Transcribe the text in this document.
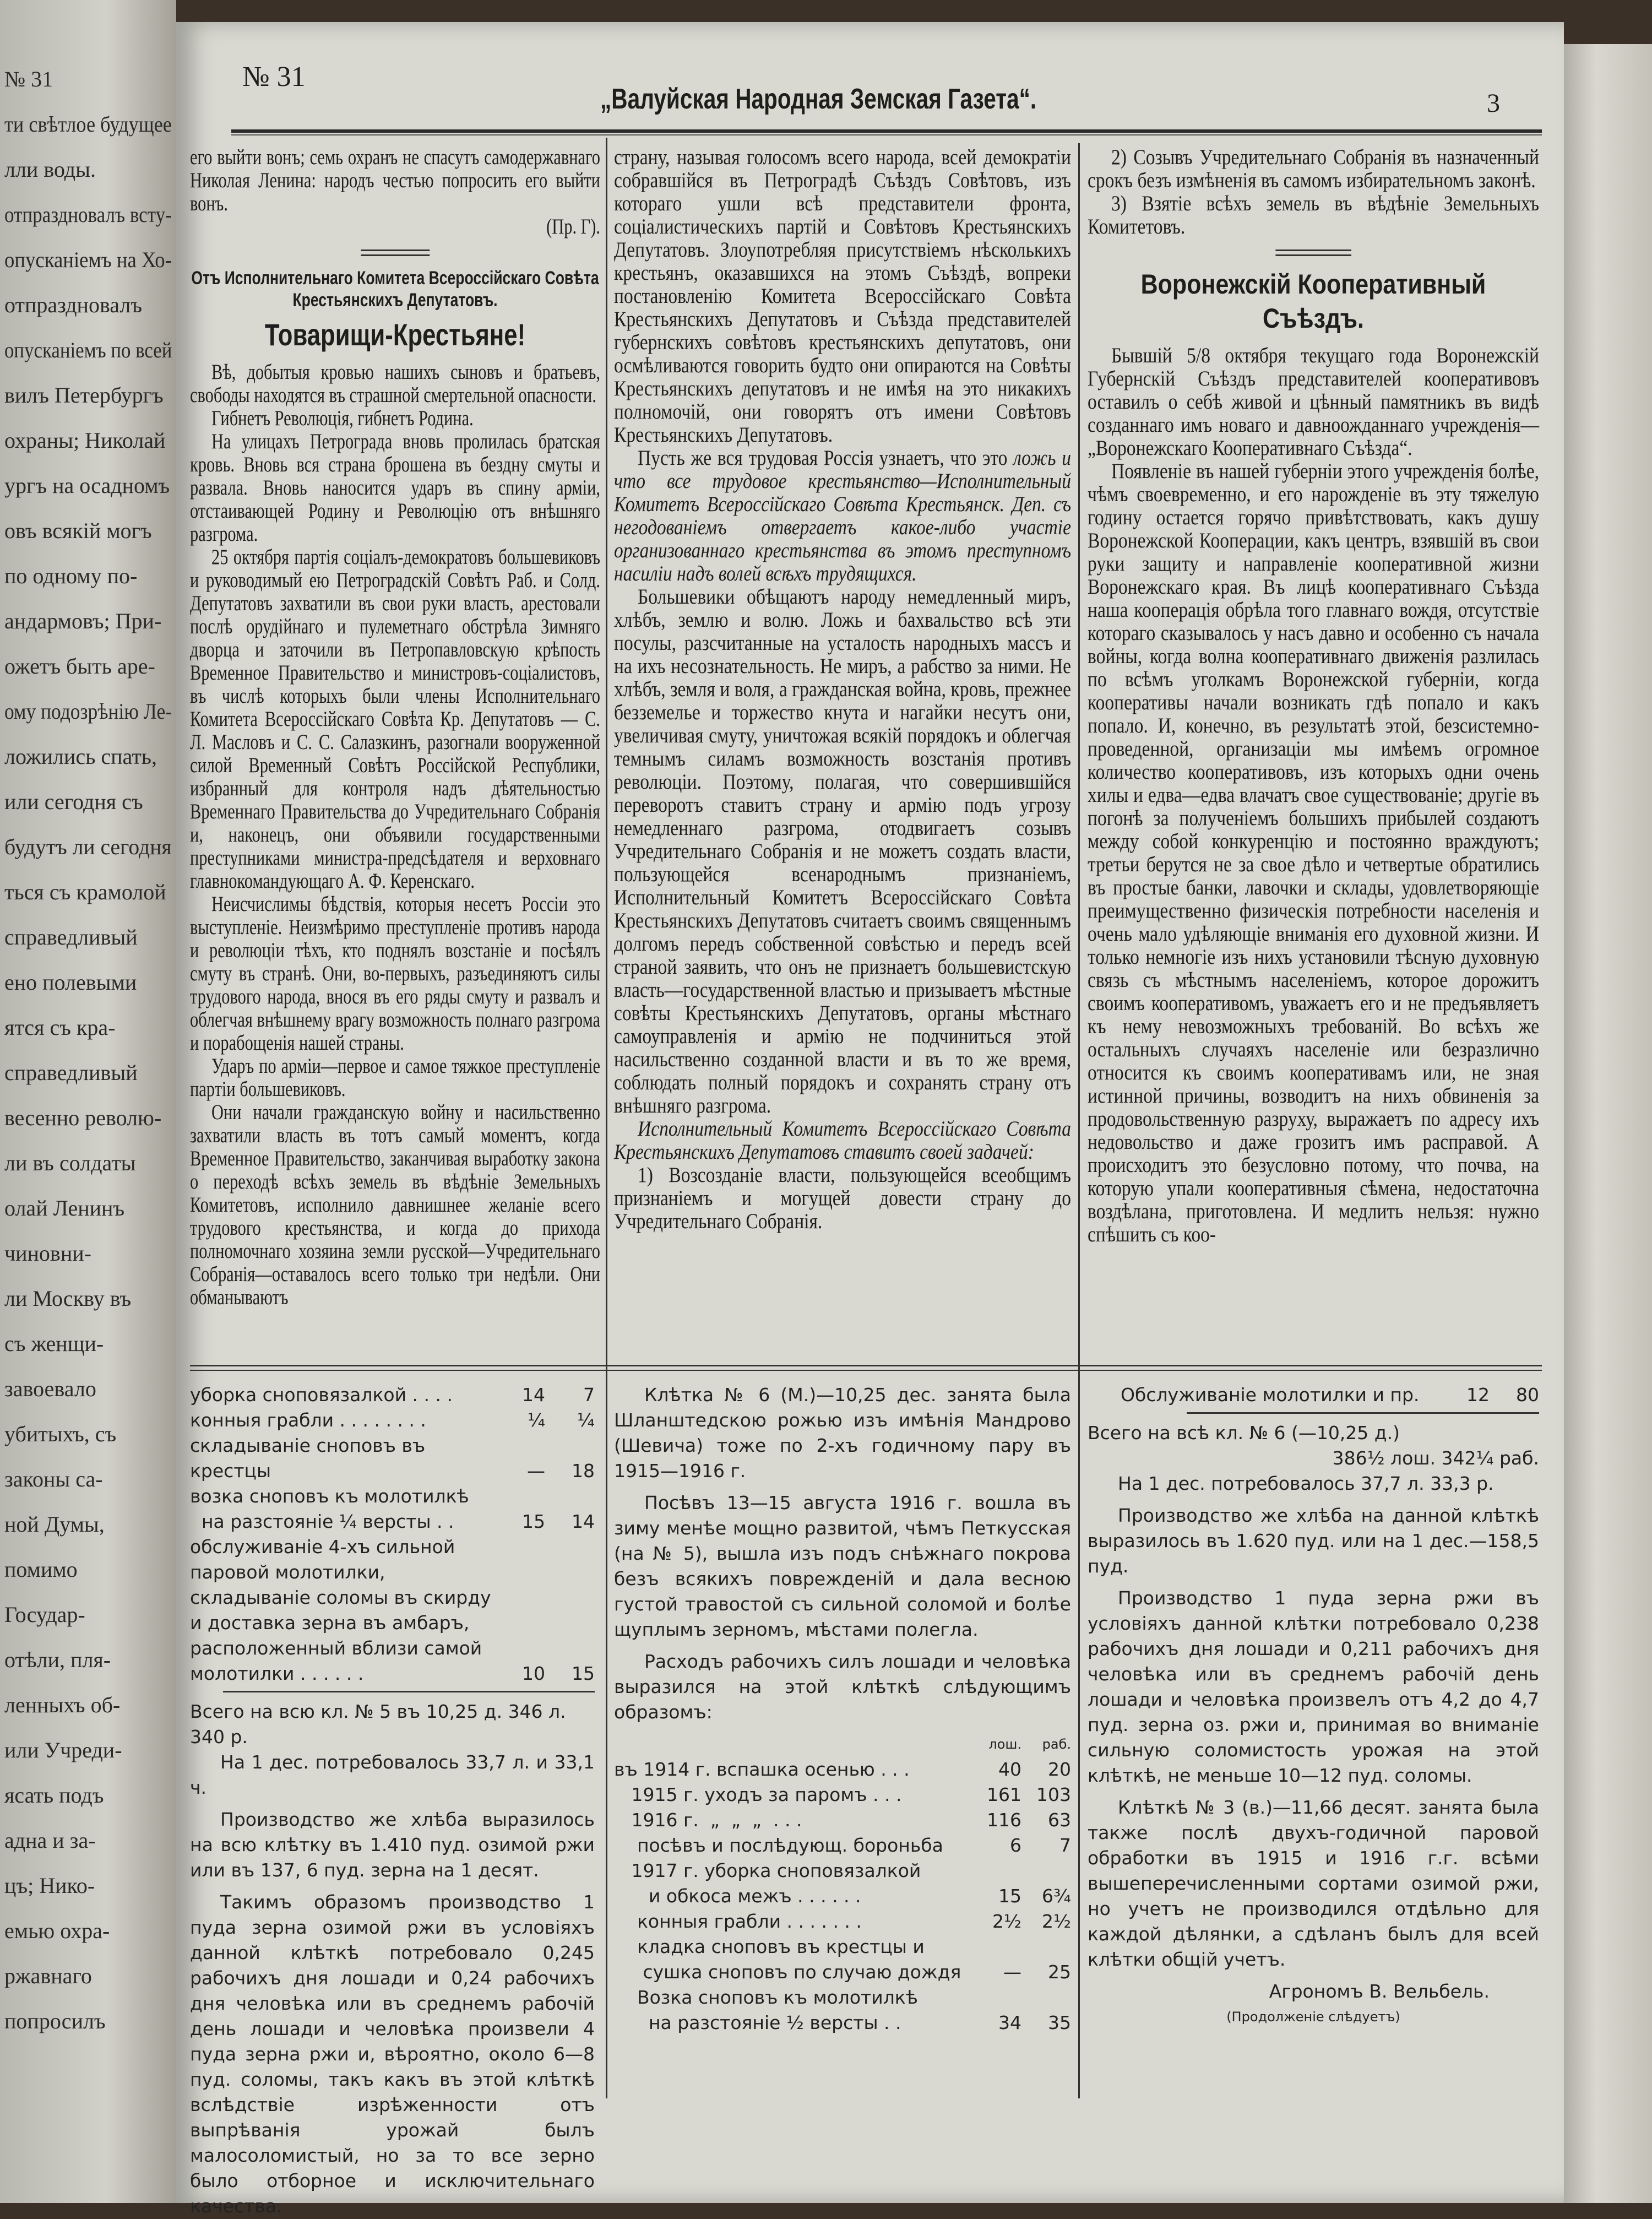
№ 31
ти свѣтлое будущее
лли воды.
отпраздновалъ всту-
опусканіемъ на Хо-
отпраздновалъ
опусканіемъ по всей
вилъ Петербургъ
охраны; Николай
ургъ на осадномъ
овъ всякій могъ
по одному по-
андармовъ; При-
ожетъ быть аре-
ому подозрѣнію Ле-
ложились спать,
или сегодня съ
будутъ ли сегодня
ться съ крамолой
справедливый
ено полевыми
ятся съ кра-
справедливый
весенно револю-
ли въ солдаты
олай Ленинъ
чиновни-
ли Москву въ
съ женщи-
завоевало
убитыхъ, съ
законы са-
ной Думы,
помимо
Государ-
отѣли, пля-
ленныхъ об-
или Учреди-
ясать подъ
адна и за-
цъ; Нико-
емью охра-
ржавнаго
попросилъ
№ 31
„Валуйская Народная Земская Газета“.	3

его выйти вонъ; семь охранъ не спасутъ самодержавнаго Николая Ленина: народъ честью попросить его выйти вонъ.

(Пр. Г).
Отъ Исполнительнаго Комитета Всероссійскаго Совѣта Крестьянскихъ Депутатовъ.
Товарищи-Крестьяне!

Вѣ, добытыя кровью нашихъ сыновъ и братьевъ, свободы находятся въ страшной смертельной опасности.

Гибнетъ Революція, гибнетъ Родина.

На улицахъ Петрограда вновь пролилась братская кровь. Вновь вся страна брошена въ бездну смуты и развала. Вновь наносится ударъ въ спину арміи, отстаивающей Родину и Революцію отъ внѣшняго разгрома.

25 октября партія соціалъ-демократовъ большевиковъ и руководимый ею Петроградскій Совѣтъ Раб. и Солд. Депутатовъ захватили въ свои руки власть, арестовали послѣ орудійнаго и пулеметнаго обстрѣла Зимняго дворца и заточили въ Петропавловскую крѣпость Временное Правительство и министровъ-соціалистовъ, въ числѣ которыхъ были члены Исполнительнаго Комитета Всероссійскаго Совѣта Кр. Депутатовъ — С. Л. Масловъ и С. С. Салазкинъ, разогнали вооруженной силой Временный Совѣтъ Россійской Республики, избранный для контроля надъ дѣятельностью Временнаго Правительства до Учредительнаго Собранія и, наконецъ, они объявили государственными преступниками министра-предсѣдателя и верховнаго главнокомандующаго А. Ф. Керенскаго.

Неисчислимы бѣдствія, которыя несетъ Россіи это выступленіе. Неизмѣримо преступленіе противъ народа и революціи тѣхъ, кто поднялъ возстаніе и посѣялъ смуту въ странѣ. Они, во-первыхъ, разъединяютъ силы трудового народа, внося въ его ряды смуту и развалъ и облегчая внѣшнему врагу возможность полнаго разгрома и порабощенія нашей страны.

Ударъ по арміи—первое и самое тяжкое преступленіе партіи большевиковъ.

Они начали гражданскую войну и насильственно захватили власть въ тотъ самый моментъ, когда Временное Правительство, заканчивая выработку закона о переходѣ всѣхъ земель въ вѣдѣніе Земельныхъ Комитетовъ, исполнило давнишнее желаніе всего трудового крестьянства, и когда до прихода полномочнаго хозяина земли русской—Учредительнаго Собранія—оставалось всего только три недѣли. Они обманываютъ

страну, называя голосомъ всего народа, всей демократіи собравшійся въ Петроградѣ Съѣздъ Совѣтовъ, изъ котораго ушли всѣ представители фронта, соціалистическихъ партій и Совѣтовъ Крестьянскихъ Депутатовъ. Злоупотребляя присутствіемъ нѣсколькихъ крестьянъ, оказавшихся на этомъ Съѣздѣ, вопреки постановленію Комитета Всероссійскаго Совѣта Крестьянскихъ Депутатовъ и Съѣзда представителей губернскихъ совѣтовъ крестьянскихъ депутатовъ, они осмѣливаются говорить будто они опираются на Совѣты Крестьянскихъ депутатовъ и не имѣя на это никакихъ полномочій, они говорятъ отъ имени Совѣтовъ Крестьянскихъ Депутатовъ.

Пусть же вся трудовая Россія узнаетъ, что это ложь и что все трудовое крестьянство—Исполнительный Комитетъ Всероссійскаго Совѣта Крестьянск. Деп. съ негодованіемъ отвергаетъ какое-либо участіе организованнаго крестьянства въ этомъ преступномъ насиліи надъ волей всѣхъ трудящихся.

Большевики обѣщаютъ народу немедленный миръ, хлѣбъ, землю и волю. Ложь и бахвальство всѣ эти посулы, разсчитанные на усталость народныхъ массъ и на ихъ несознательность. Не миръ, а рабство за ними. Не хлѣбъ, земля и воля, а гражданская война, кровь, прежнее безземелье и торжество кнута и нагайки несутъ они, увеличивая смуту, уничтожая всякій порядокъ и облегчая темнымъ силамъ возможность возстанія противъ революціи. Поэтому, полагая, что совершившійся переворотъ ставитъ страну и армію подъ угрозу немедленнаго разгрома, отодвигаетъ созывъ Учредительнаго Собранія и не можетъ создать власти, пользующейся всенароднымъ признаніемъ, Исполнительный Комитетъ Всероссійскаго Совѣта Крестьянскихъ Депутатовъ считаетъ своимъ священнымъ долгомъ передъ собственной совѣстью и передъ всей страной заявить, что онъ не признаетъ большевистскую власть—государственной властью и призываетъ мѣстные совѣты Крестьянскихъ Депутатовъ, органы мѣстнаго самоуправленія и армію не подчиниться этой насильственно созданной власти и въ то же время, соблюдать полный порядокъ и сохранять страну отъ внѣшняго разгрома.

Исполнительный Комитетъ Всероссійскаго Совѣта Крестьянскихъ Депутатовъ ставитъ своей задачей:

1) Возсозданіе власти, пользующейся всеобщимъ признаніемъ и могущей довести страну до Учредительнаго Собранія.

2) Созывъ Учредительнаго Собранія въ назначенный срокъ безъ измѣненія въ самомъ избирательномъ законѣ.

3) Взятіе всѣхъ земель въ вѣдѣніе Земельныхъ Комитетовъ.

Воронежскій Кооперативный Съѣздъ.

Бывшій 5/8 октября текущаго года Воронежскій Губернскій Съѣздъ представителей кооперативовъ оставилъ о себѣ живой и цѣнный памятникъ въ видѣ созданнаго имъ новаго и давноожданнаго учрежденія—„Воронежскаго Кооперативнаго Съѣзда“.

Появленіе въ нашей губерніи этого учрежденія болѣе, чѣмъ своевременно, и его нарожденіе въ эту тяжелую годину остается горячо привѣтствовать, какъ душу Воронежской Кооперации, какъ центръ, взявшій въ свои руки защиту и направленіе кооперативной жизни Воронежскаго края. Въ лицѣ кооперативнаго Съѣзда наша кооперація обрѣла того главнаго вождя, отсутствіе котораго сказывалось у насъ давно и особенно съ начала войны, когда волна кооперативнаго движенія разлилась по всѣмъ уголкамъ Воронежской губерніи, когда кооперативы начали возникать гдѣ попало и какъ попало. И, конечно, въ результатѣ этой, безсистемно-проведенной, организаціи мы имѣемъ огромное количество кооперативовъ, изъ которыхъ одни очень хилы и едва—едва влачатъ свое существованіе; другіе въ погонѣ за полученіемъ большихъ прибылей создаютъ между собой конкуренцію и постоянно враждуютъ; третьи берутся не за свое дѣло и четвертые обратились въ простые банки, лавочки и склады, удовлетворяющіе преимущественно физическія потребности населенія и очень мало удѣляющіе вниманія его духовной жизни. И только немногіе изъ нихъ установили тѣсную духовную связь съ мѣстнымъ населеніемъ, которое дорожитъ своимъ кооперативомъ, уважаетъ его и не предъявляетъ къ нему невозможныхъ требованій. Во всѣхъ же остальныхъ случаяхъ населеніе или безразлично относится къ своимъ кооперативамъ или, не зная истинной причины, возводитъ на нихъ обвиненія за продовольственную разруху, выражаетъ по адресу ихъ недовольство и даже грозитъ имъ расправой. А происходитъ это безусловно потому, что почва, на которую упали кооперативныя сѣмена, недостаточна воздѣлана, приготовлена. И медлить нельзя: нужно спѣшить съ коо-

уборка сноповязалкой . . . .	14	7
конныя грабли . . . . . . . .	¼	¼
складываніе сноповъ въ крестцы	—	18
возка сноповъ къ молотилкѣ
на разстояніе ¼ версты . .	15	14
обслуживаніе 4-хъ сильной паровой молотилки, складываніе соломы въ скирду и доставка зерна въ амбаръ, расположенный вблизи самой молотилки . . . . . .	10	15
Всего на всю кл. № 5 въ 10,25 д. 346 л. 340 р.

На 1 дес. потребовалось 33,7 л. и 33,1 ч.

Производство же хлѣба выразилось на всю клѣтку въ 1.410 пуд. озимой ржи или въ 137, 6 пуд. зерна на 1 десят.

Такимъ образомъ производство 1 пуда зерна озимой ржи въ условіяхъ данной клѣткѣ потребовало 0,245 рабочихъ дня лошади и 0,24 рабочихъ дня человѣка или въ среднемъ рабочій день лошади и человѣка произвели 4 пуда зерна ржи и, вѣроятно, около 6—8 пуд. соломы, такъ какъ въ этой клѣткѣ вслѣдствіе изрѣженности отъ выпрѣванія урожай былъ малосоломистый, но за то все зерно было отборное и исключительнаго качества.

Клѣтка № 6 (М.)—10,25 дес. занята была Шланштедскою рожью изъ имѣнія Мандрово (Шевича) тоже по 2-хъ годичному пару въ 1915—1916 г.

Посѣвъ 13—15 августа 1916 г. вошла въ зиму менѣе мощно развитой, чѣмъ Петкусская (на № 5), вышла изъ подъ снѣжнаго покрова безъ всякихъ поврежденій и дала весною густой травостой съ сильной соломой и болѣе щуплымъ зерномъ, мѣстами полегла.

Расходъ рабочихъ силъ лошади и человѣка выразился на этой клѣткѣ слѣдующимъ образомъ:

лош.	раб.
въ 1914 г. вспашка осенью . . .	40	20
1915 г. уходъ за паромъ . . .	161 103
1916 г.  „  „  „  . . .	116	63
посѣвъ и послѣдующ. бороньба	6	7
1917 г. уборка сноповязалкой
и обкоса межъ . . . . . .	15	6¾
конныя грабли . . . . . . .	2½	2½
кладка сноповъ въ крестцы и
сушка сноповъ по случаю дождя	—	25
Возка сноповъ къ молотилкѣ
на разстояніе ½ версты . .	34	35
Обслуживаніе молотилки и пр.	12	80
Всего на всѣ кл. № 6 (—10,25 д.)
386½ лош. 342¼ раб.

На 1 дес. потребовалось 37,7 л. 33,3 р.

Производство же хлѣба на данной клѣткѣ выразилось въ 1.620 пуд. или на 1 дес.—158,5 пуд.

Производство 1 пуда зерна ржи въ условіяхъ данной клѣтки потребовало 0,238 рабочихъ дня лошади и 0,211 рабочихъ дня человѣка или въ среднемъ рабочій день лошади и человѣка произвелъ отъ 4,2 до 4,7 пуд. зерна оз. ржи и, принимая во вниманіе сильную соломистость урожая на этой клѣткѣ, не меньше 10—12 пуд. соломы.

Клѣткѣ № 3 (в.)—11,66 десят. занята была также послѣ двухъ-годичной паровой обработки въ 1915 и 1916 г.г. всѣми вышеперечисленными сортами озимой ржи, но учетъ не производился отдѣльно для каждой дѣлянки, а сдѣланъ былъ для всей клѣтки общій учетъ.

Агрономъ В. Вельбель.
(Продолженіе слѣдуетъ)
